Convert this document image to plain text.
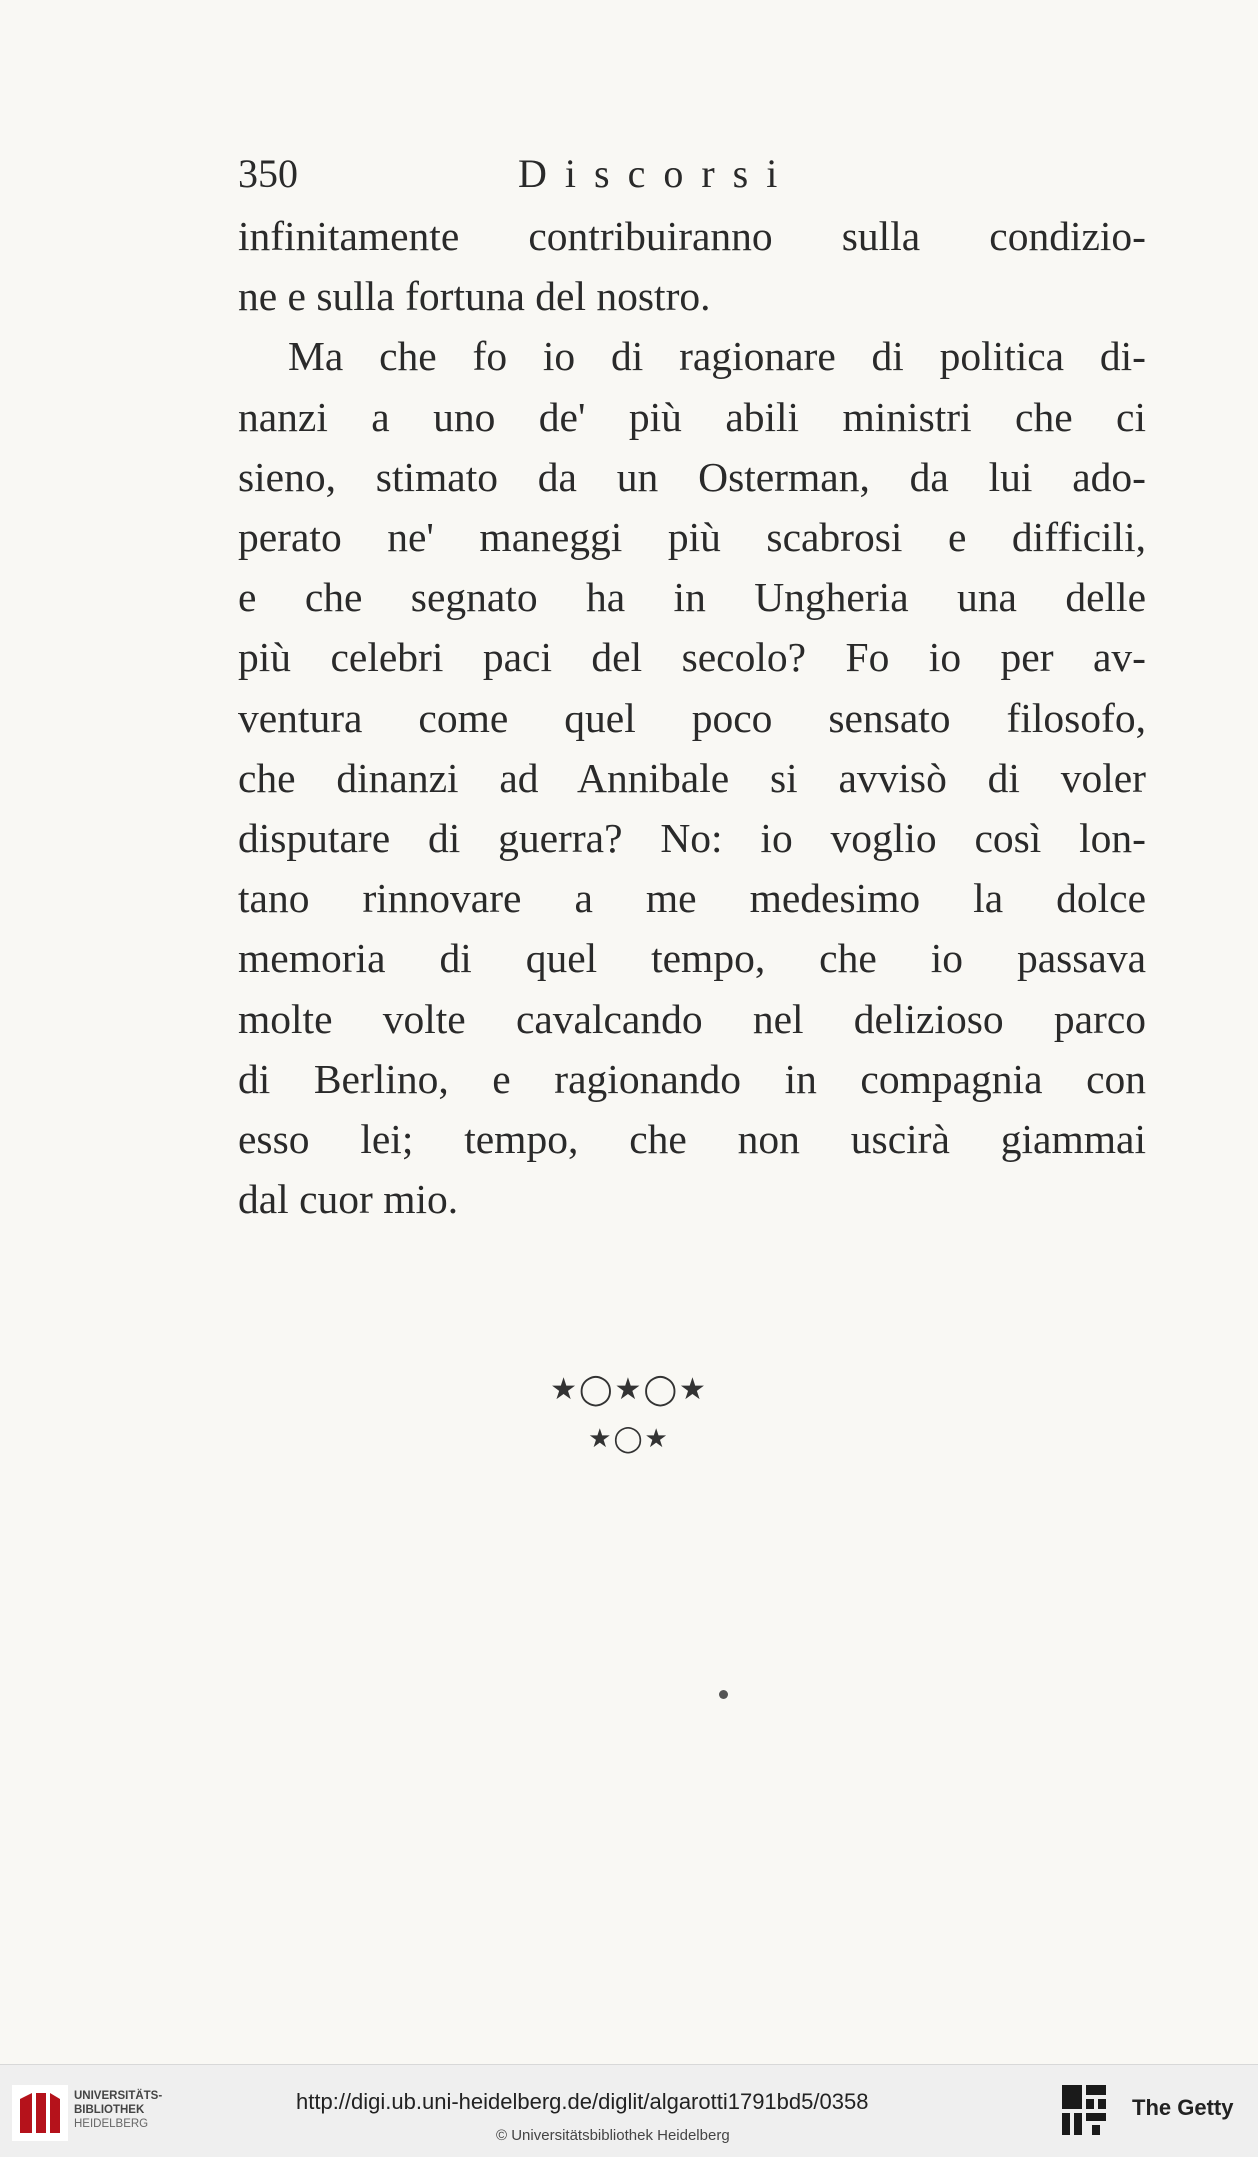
350	Discorsi
infinitamente contribuiranno sulla condizio-
ne e sulla fortuna del nostro.
Ma che fo io di ragionare di politica di-
nanzi a uno de' più abili ministri che ci
sieno, stimato da un Osterman, da lui ado-
perato ne' maneggi più scabrosi e difficili,
e che segnato ha in Ungheria una delle
più celebri paci del secolo? Fo io per av-
ventura come quel poco sensato filosofo,
che dinanzi ad Annibale si avvisò di voler
disputare di guerra? No: io voglio così lon-
tano rinnovare a me medesimo la dolce
memoria di quel tempo, che io passava
molte volte cavalcando nel delizioso parco
di Berlino, e ragionando in compagnia con
esso lei; tempo, che non uscirà giammai
dal cuor mio.
★◯★◯★
★◯★
UNIVERSITÄTS-
BIBLIOTHEK
HEIDELBERG
http://digi.ub.uni-heidelberg.de/diglit/algarotti1791bd5/0358
© Universitätsbibliothek Heidelberg
The Getty
